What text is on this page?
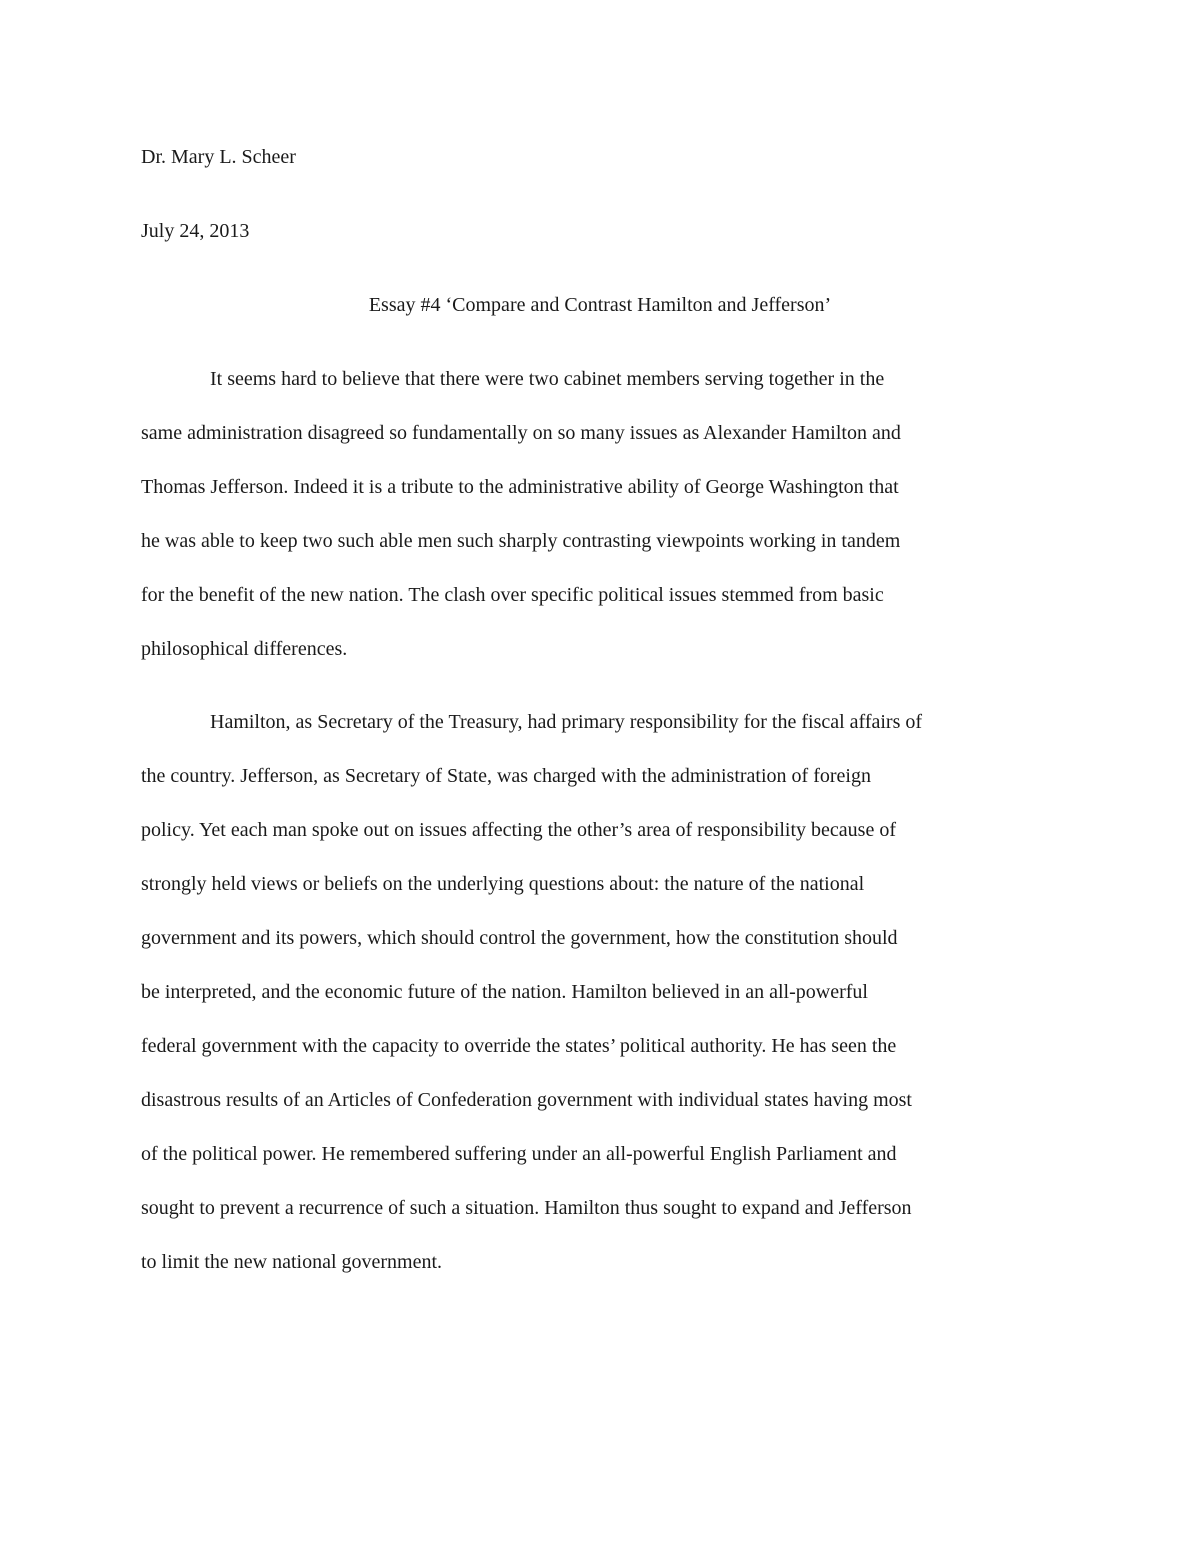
Dr. Mary L. Scheer
July 24, 2013
Essay #4 ‘Compare and Contrast Hamilton and Jefferson’
It seems hard to believe that there were two cabinet members serving together in the
same administration disagreed so fundamentally on so many issues as Alexander Hamilton and
Thomas Jefferson. Indeed it is a tribute to the administrative ability of George Washington that
he was able to keep two such able men such sharply contrasting viewpoints working in tandem
for the benefit of the new nation. The clash over specific political issues stemmed from basic
philosophical differences.
Hamilton, as Secretary of the Treasury, had primary responsibility for the fiscal affairs of
the country. Jefferson, as Secretary of State, was charged with the administration of foreign
policy. Yet each man spoke out on issues affecting the other’s area of responsibility because of
strongly held views or beliefs on the underlying questions about: the nature of the national
government and its powers, which should control the government, how the constitution should
be interpreted, and the economic future of the nation. Hamilton believed in an all-powerful
federal government with the capacity to override the states’ political authority. He has seen the
disastrous results of an Articles of Confederation government with individual states having most
of the political power. He remembered suffering under an all-powerful English Parliament and
sought to prevent a recurrence of such a situation. Hamilton thus sought to expand and Jefferson
to limit the new national government.
